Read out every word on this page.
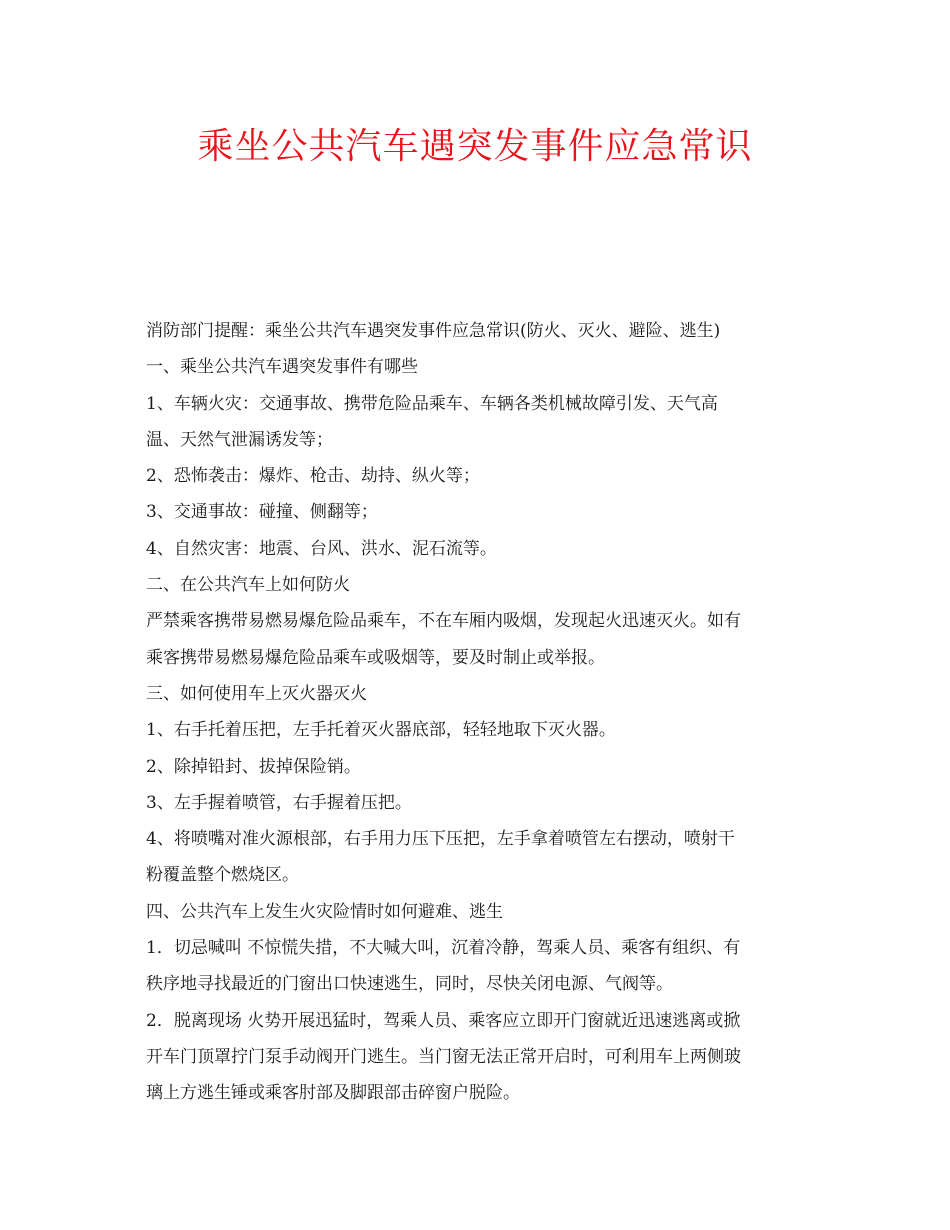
乘坐公共汽车遇突发事件应急常识

消防部门提醒：乘坐公共汽车遇突发事件应急常识(防火、灭火、避险、逃生)

一、乘坐公共汽车遇突发事件有哪些

1、车辆火灾：交通事故、携带危险品乘车、车辆各类机械故障引发、天气高

温、天然气泄漏诱发等；

2、恐怖袭击：爆炸、枪击、劫持、纵火等；

3、交通事故：碰撞、侧翻等；

4、自然灾害：地震、台风、洪水、泥石流等。

二、在公共汽车上如何防火

严禁乘客携带易燃易爆危险品乘车，不在车厢内吸烟，发现起火迅速灭火。如有

乘客携带易燃易爆危险品乘车或吸烟等，要及时制止或举报。

三、如何使用车上灭火器灭火

1、右手托着压把，左手托着灭火器底部，轻轻地取下灭火器。

2、除掉铅封、拔掉保险销。

3、左手握着喷管，右手握着压把。

4、将喷嘴对准火源根部，右手用力压下压把，左手拿着喷管左右摆动，喷射干

粉覆盖整个燃烧区。

四、公共汽车上发生火灾险情时如何避难、逃生

1．切忌喊叫 不惊慌失措，不大喊大叫，沉着冷静，驾乘人员、乘客有组织、有

秩序地寻找最近的门窗出口快速逃生，同时，尽快关闭电源、气阀等。

2．脱离现场 火势开展迅猛时，驾乘人员、乘客应立即开门窗就近迅速逃离或掀

开车门顶罩拧门泵手动阀开门逃生。当门窗无法正常开启时，可利用车上两侧玻

璃上方逃生锤或乘客肘部及脚跟部击碎窗户脱险。
